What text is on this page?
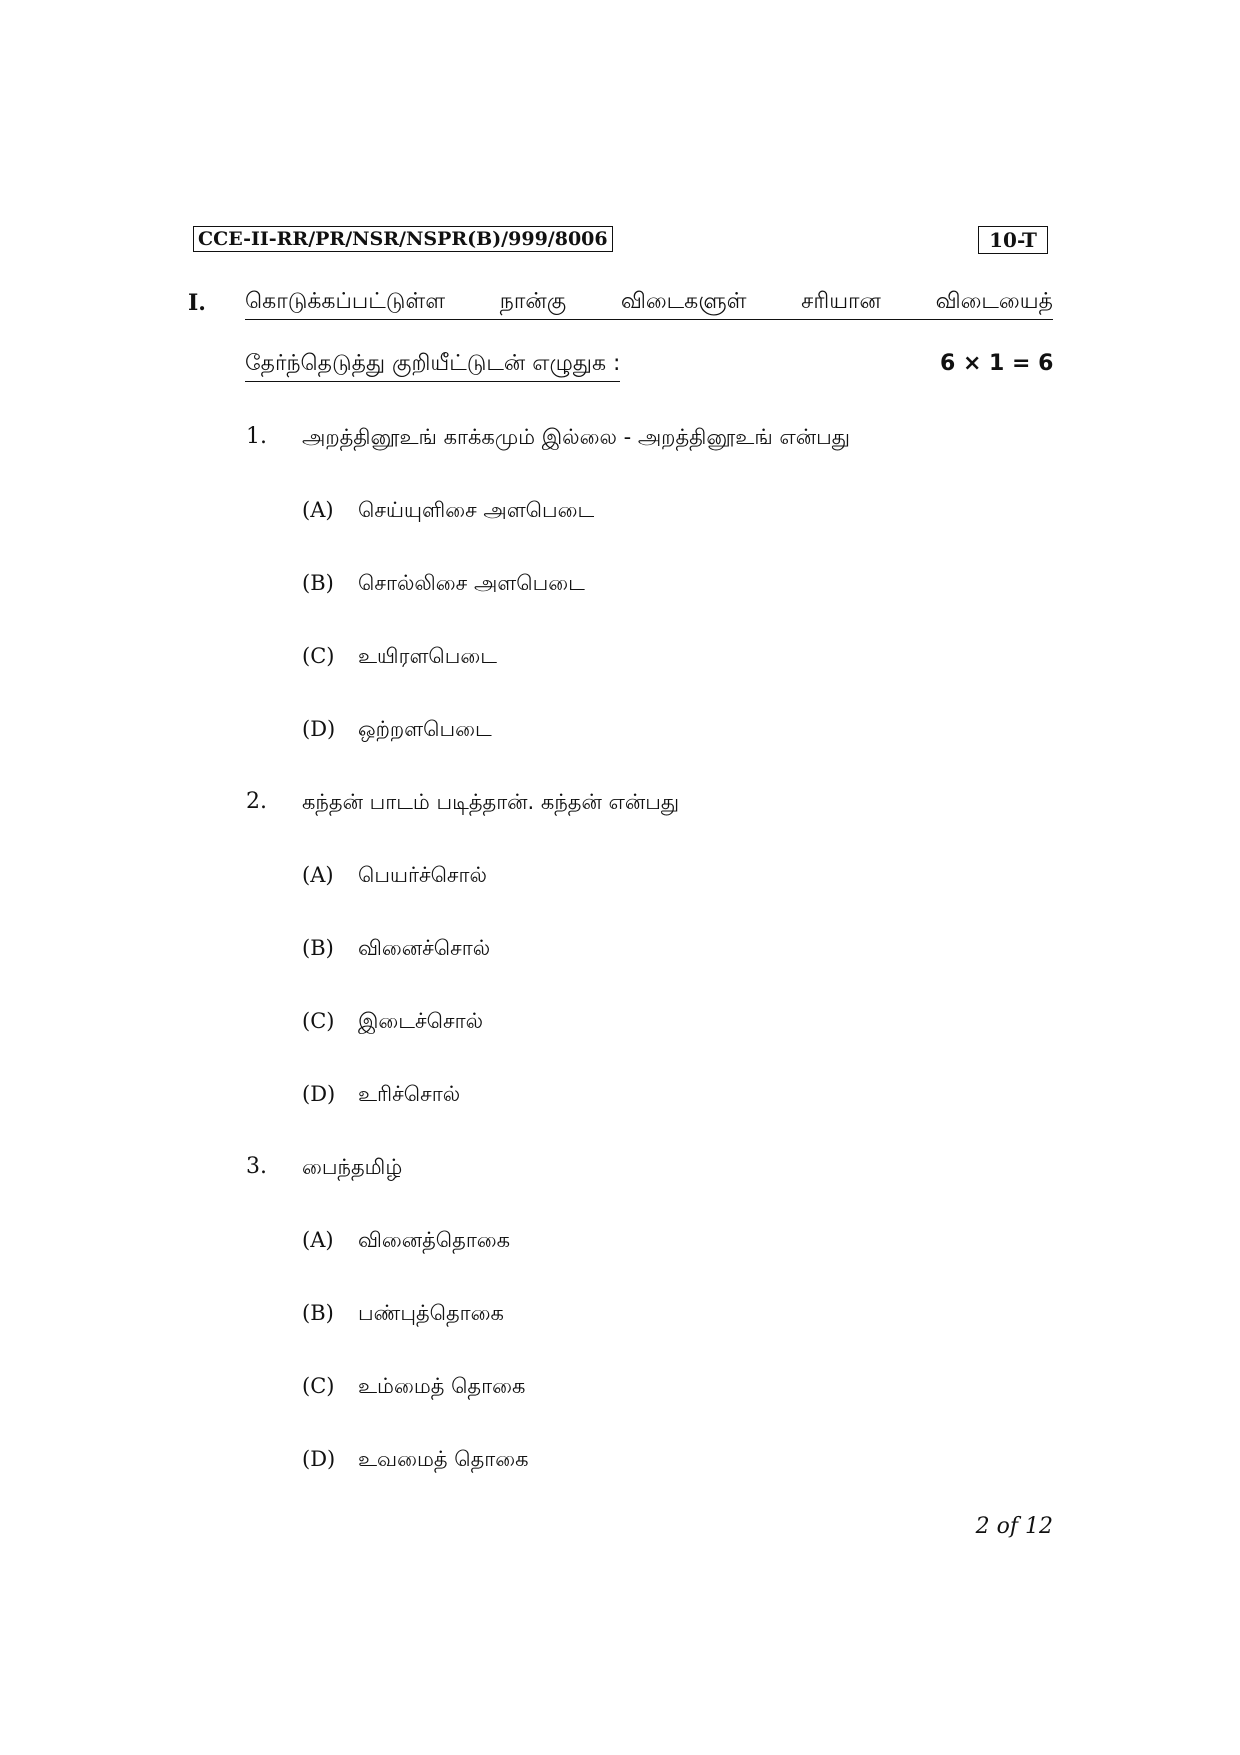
CCE-II-RR/PR/NSR/NSPR(B)/999/8006	10-T
I. கொடுக்கப்பட்டுள்ள நான்கு விடைகளுள் சரியான விடையைத்
தேர்ந்தெடுத்து குறியீட்டுடன் எழுதுக :	6 × 1 = 6
1. அறத்தினூஉங் காக்கமும் இல்லை - அறத்தினூஉங் என்பது
(A) செய்யுளிசை அளபெடை
(B) சொல்லிசை அளபெடை
(C) உயிரளபெடை
(D) ஒற்றளபெடை
2. கந்தன் பாடம் படித்தான். கந்தன் என்பது
(A) பெயர்ச்சொல்
(B) வினைச்சொல்
(C) இடைச்சொல்
(D) உரிச்சொல்
3. பைந்தமிழ்
(A) வினைத்தொகை
(B) பண்புத்தொகை
(C) உம்மைத் தொகை
(D) உவமைத் தொகை
2 of 12
